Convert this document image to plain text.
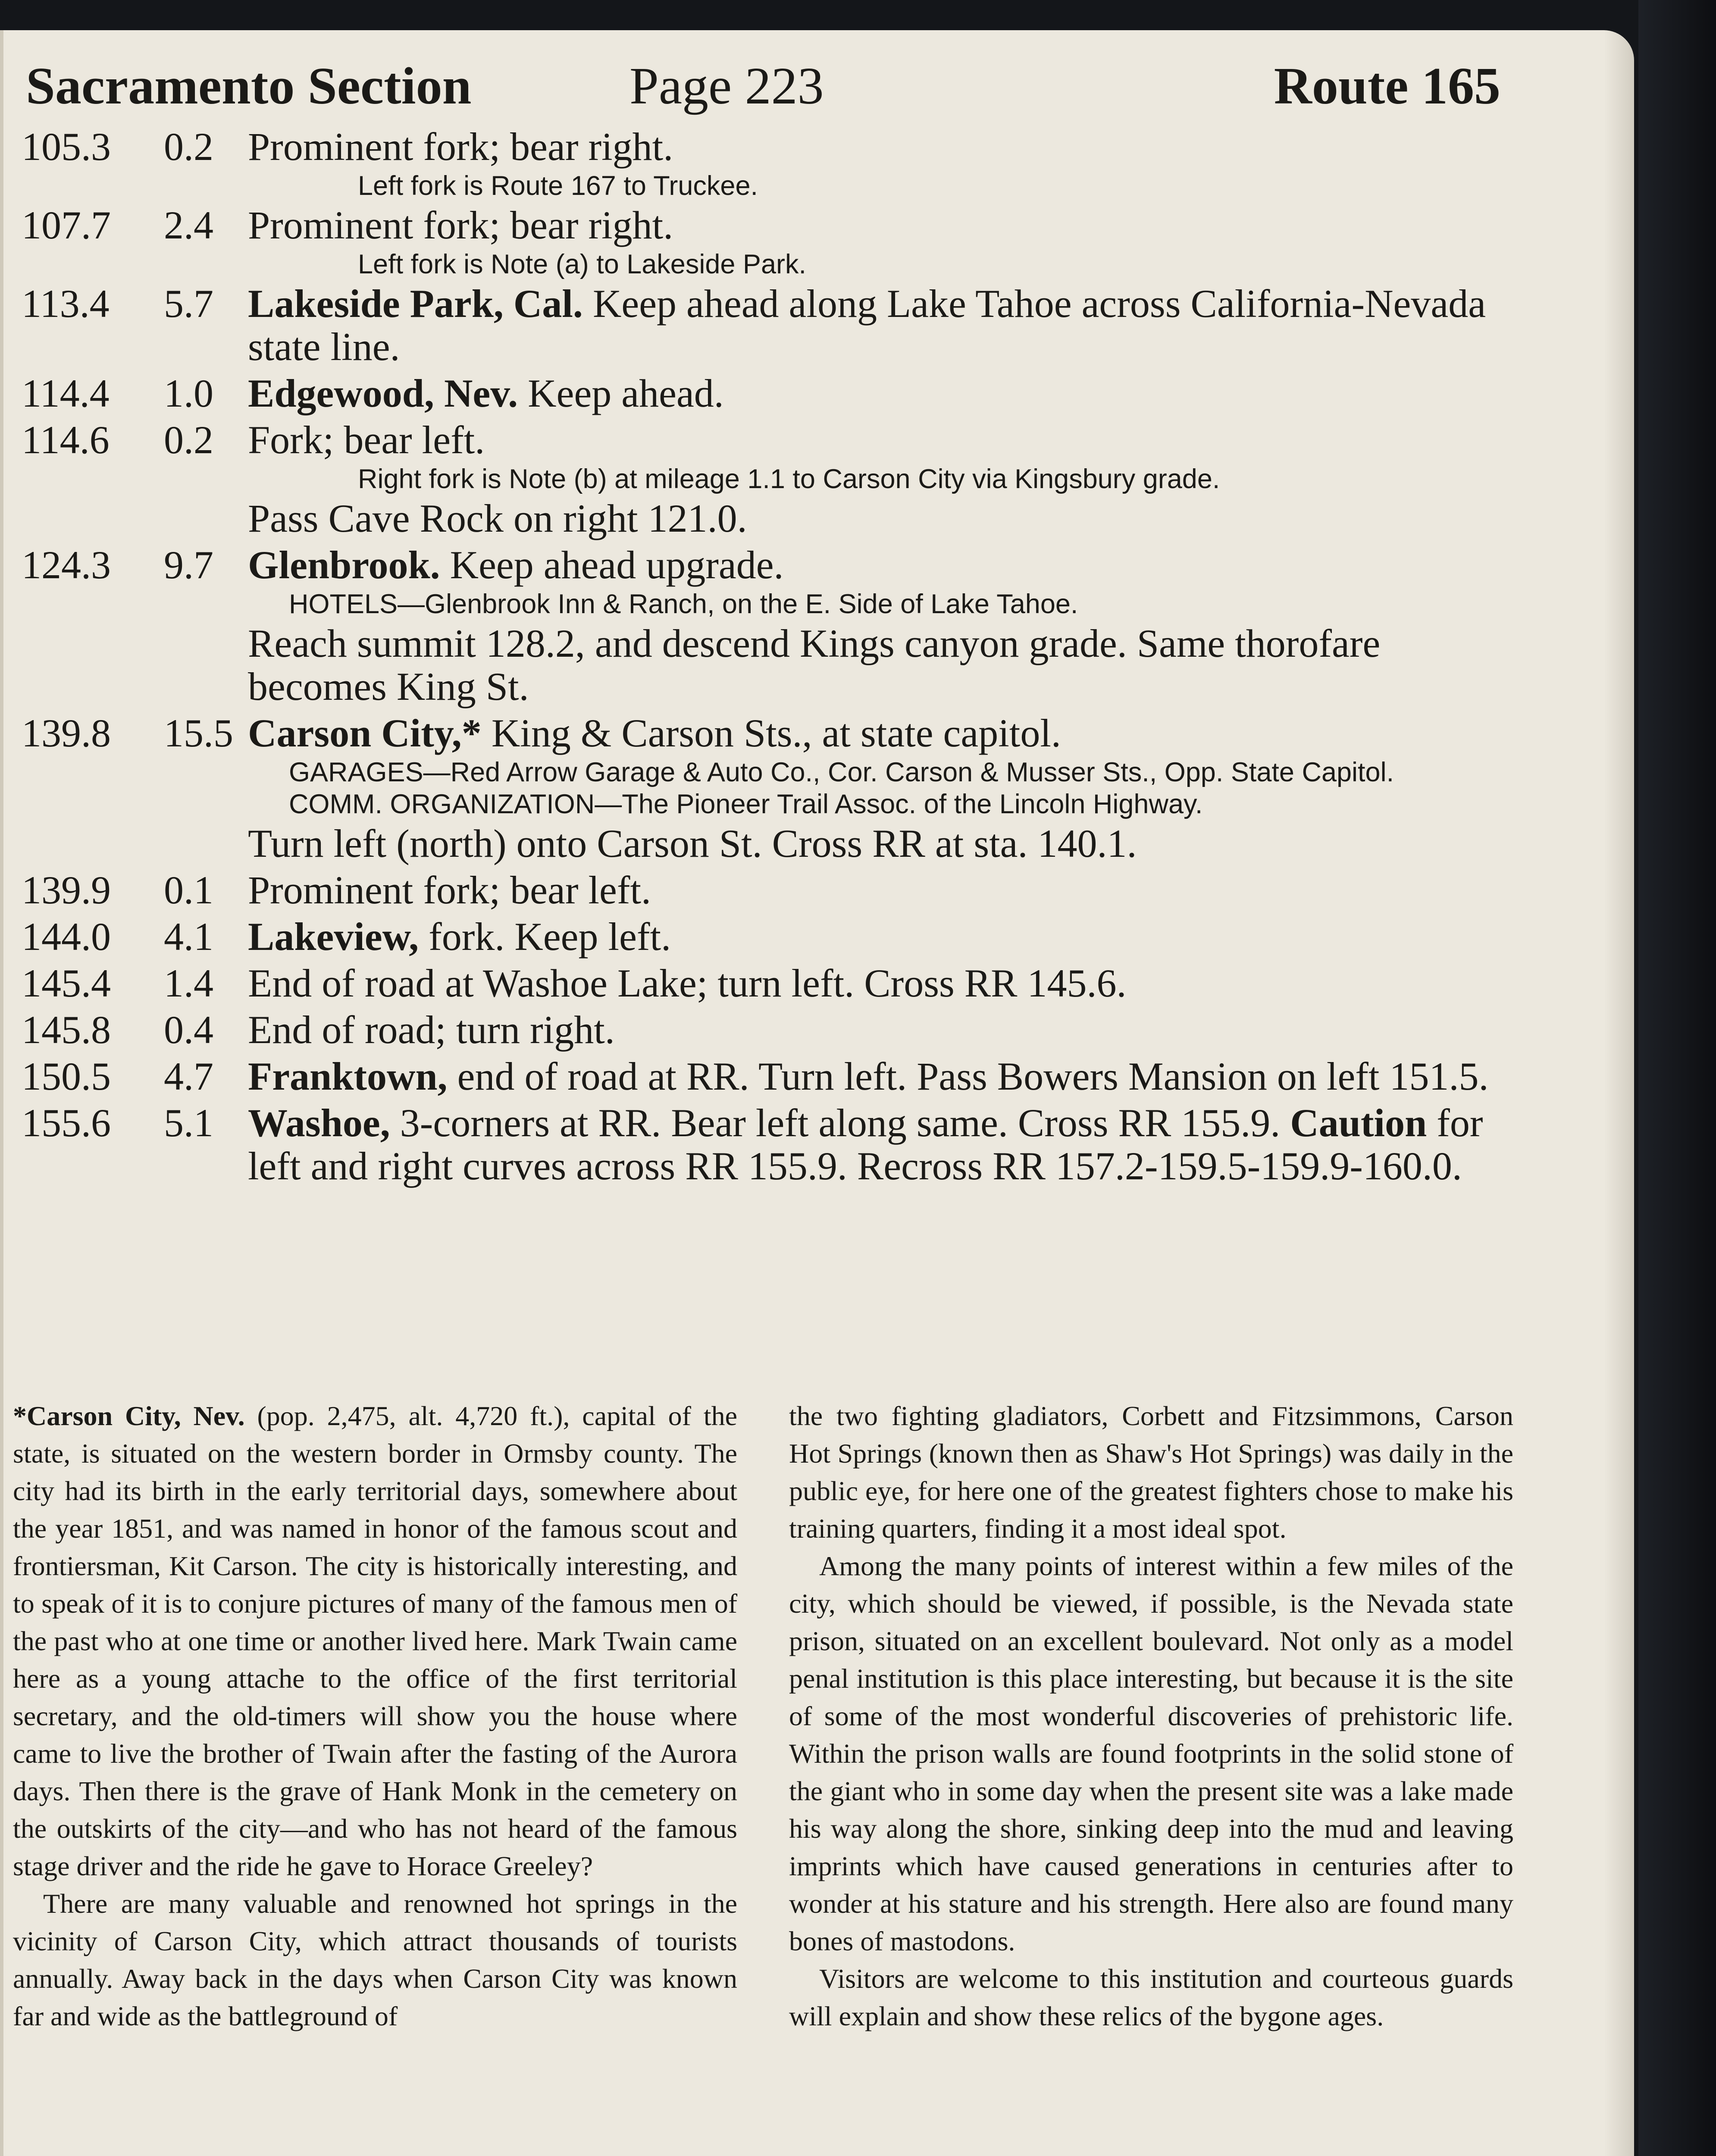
Sacramento Section	Page 223	Route 165
105.3	0.2 Prominent fork; bear right.
Left fork is Route 167 to Truckee.
107.7	2.4 Prominent fork; bear right.
Left fork is Note (a) to Lakeside Park.
113.4	5.7 Lakeside Park, Cal. Keep ahead along Lake Tahoe across California-Nevada state line.
114.4	1.0 Edgewood, Nev. Keep ahead.
114.6	0.2 Fork; bear left.
Right fork is Note (b) at mileage 1.1 to Carson City via Kingsbury grade.
Pass Cave Rock on right 121.0.
124.3	9.7 Glenbrook. Keep ahead upgrade.
HOTELS—Glenbrook Inn & Ranch, on the E. Side of Lake Tahoe.
Reach summit 128.2, and descend Kings canyon grade. Same thorofare becomes King St.
139.8	15.5 Carson City,* King & Carson Sts., at state capitol.
GARAGES—Red Arrow Garage & Auto Co., Cor. Carson & Musser Sts., Opp. State Capitol.
COMM. ORGANIZATION—The Pioneer Trail Assoc. of the Lincoln Highway.
Turn left (north) onto Carson St. Cross RR at sta. 140.1.
139.9	0.1 Prominent fork; bear left.
144.0	4.1 Lakeview, fork. Keep left.
145.4	1.4 End of road at Washoe Lake; turn left. Cross RR 145.6.
145.8	0.4 End of road; turn right.
150.5	4.7 Franktown, end of road at RR. Turn left. Pass Bowers Mansion on left 151.5.
155.6	5.1 Washoe, 3-corners at RR. Bear left along same. Cross RR 155.9. Caution for left and right curves across RR 155.9. Recross RR 157.2-159.5-159.9-160.0.

*Carson City, Nev. (pop. 2,475, alt. 4,720 ft.), capital of the state, is situated on the western border in Ormsby county. The city had its birth in the early territorial days, somewhere about the year 1851, and was named in honor of the famous scout and frontiersman, Kit Carson. The city is historically interesting, and to speak of it is to conjure pictures of many of the famous men of the past who at one time or another lived here. Mark Twain came here as a young attache to the office of the first territorial secretary, and the old-timers will show you the house where came to live the brother of Twain after the fasting of the Aurora days. Then there is the grave of Hank Monk in the cemetery on the outskirts of the city—and who has not heard of the famous stage driver and the ride he gave to Horace Greeley?

There are many valuable and renowned hot springs in the vicinity of Carson City, which attract thousands of tourists annually. Away back in the days when Carson City was known far and wide as the battleground of

the two fighting gladiators, Corbett and Fitzsimmons, Carson Hot Springs (known then as Shaw's Hot Springs) was daily in the public eye, for here one of the greatest fighters chose to make his training quarters, finding it a most ideal spot.

Among the many points of interest within a few miles of the city, which should be viewed, if possible, is the Nevada state prison, situated on an excellent boulevard. Not only as a model penal institution is this place interesting, but because it is the site of some of the most wonderful discoveries of prehistoric life. Within the prison walls are found footprints in the solid stone of the giant who in some day when the present site was a lake made his way along the shore, sinking deep into the mud and leaving imprints which have caused generations in centuries after to wonder at his stature and his strength. Here also are found many bones of mastodons.

Visitors are welcome to this institution and courteous guards will explain and show these relics of the bygone ages.
